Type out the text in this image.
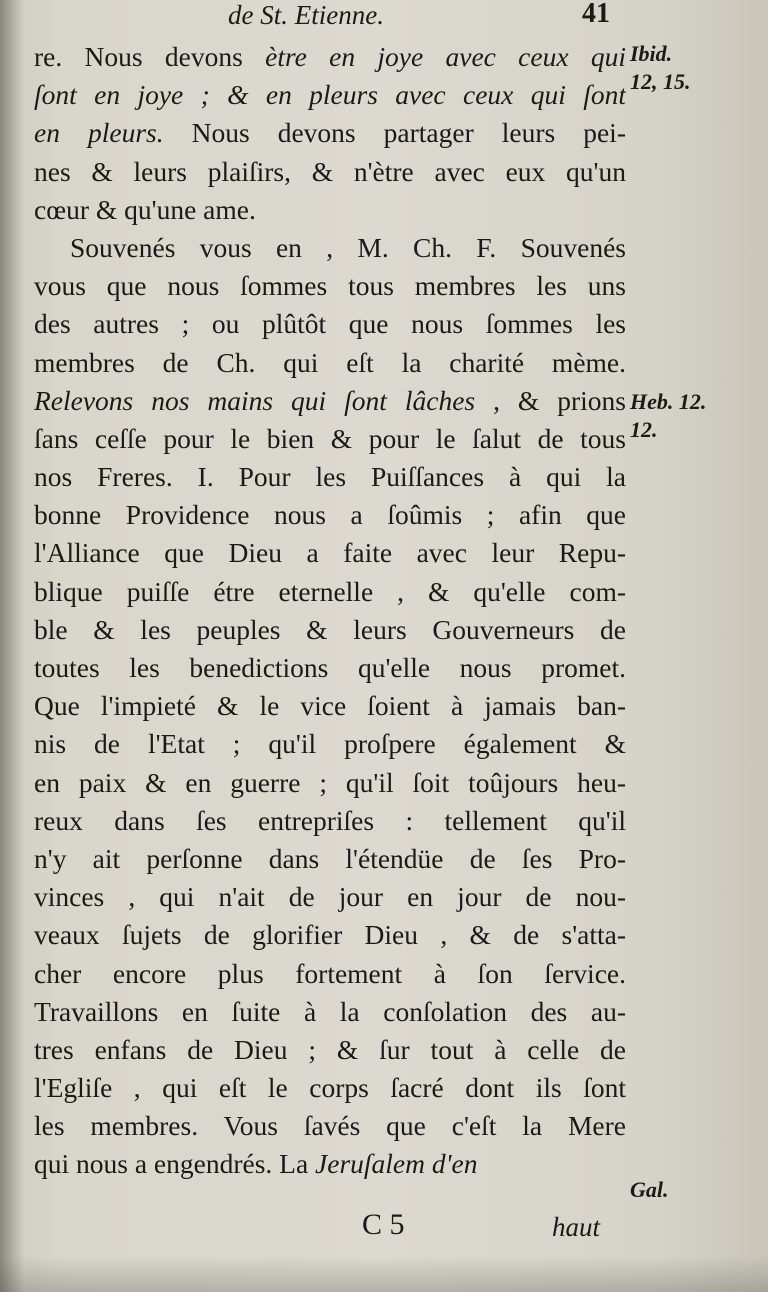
de St. Etienne.	41
re. Nous devons ètre en joye avec ceux qui
ſont en joye ; & en pleurs avec ceux qui ſont
en pleurs. Nous devons partager leurs pei-
nes & leurs plaiſirs, & n'ètre avec eux qu'un
cœur & qu'une ame.
Souvenés vous en , M. Ch. F. Souvenés
vous que nous ſommes tous membres les uns
des autres ; ou plûtôt que nous ſommes les
membres de Ch. qui eſt la charité mème.
Relevons nos mains qui ſont lâches , & prions
ſans ceſſe pour le bien & pour le ſalut de tous
nos Freres. I. Pour les Puiſſances à qui la
bonne Providence nous a ſoûmis ; afin que
l'Alliance que Dieu a faite avec leur Repu-
blique puiſſe étre eternelle , & qu'elle com-
ble & les peuples & leurs Gouverneurs de
toutes les benedictions qu'elle nous promet.
Que l'impieté & le vice ſoient à jamais ban-
nis de l'Etat ; qu'il proſpere également &
en paix & en guerre ; qu'il ſoit toûjours heu-
reux dans ſes entrepriſes : tellement qu'il
n'y ait perſonne dans l'étendüe de ſes Pro-
vinces , qui n'ait de jour en jour de nou-
veaux ſujets de glorifier Dieu , & de s'atta-
cher encore plus fortement à ſon ſervice.
Travaillons en ſuite à la conſolation des au-
tres enfans de Dieu ; & ſur tout à celle de
l'Egliſe , qui eſt le corps ſacré dont ils ſont
les membres. Vous ſavés que c'eſt la Mere
qui nous a engendrés. La Jeruſalem d'en
Ibid.
12, 15.
Heb. 12.
12.
Gal.
C 5	haut
